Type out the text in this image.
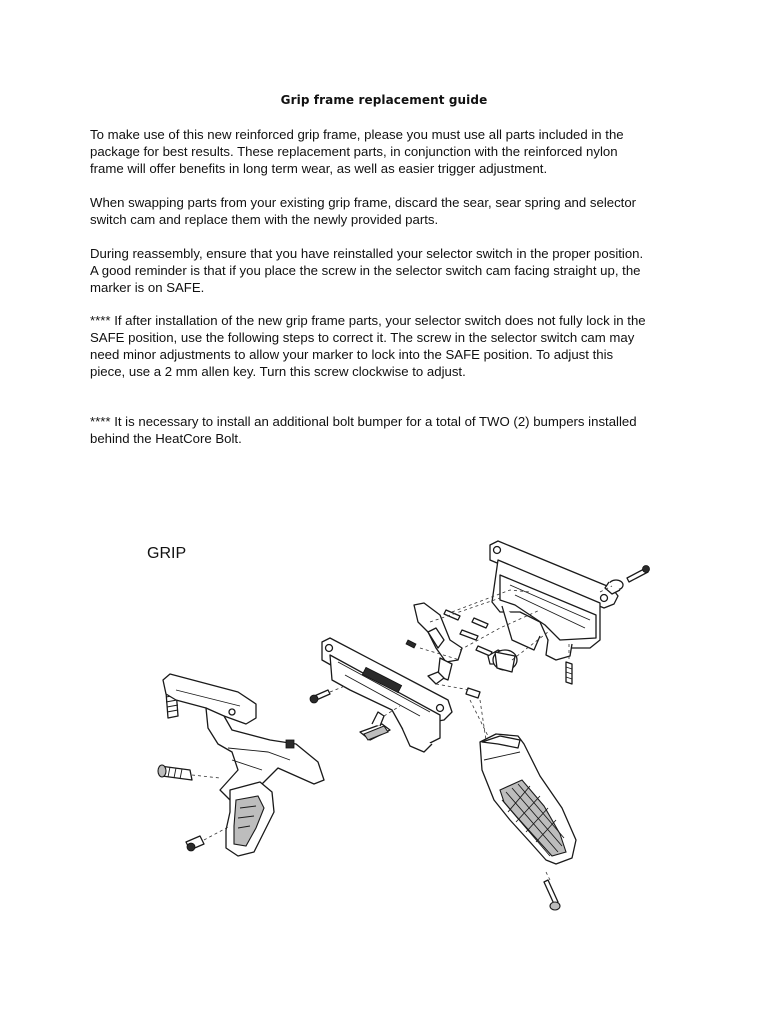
Grip frame replacement guide

To make use of this new reinforced grip frame, please you must use all parts included in the
package for best results. These replacement parts, in conjunction with the reinforced nylon
frame will offer benefits in long term wear, as well as easier trigger adjustment.

When swapping parts from your existing grip frame, discard the sear, sear spring and selector
switch cam and replace them with the newly provided parts.

During reassembly, ensure that you have reinstalled your selector switch in the proper position.
A good reminder is that if you place the screw in the selector switch cam facing straight up, the
marker is on SAFE.

**** If after installation of the new grip frame parts, your selector switch does not fully lock in the
SAFE position, use the following steps to correct it. The screw in the selector switch cam may
need minor adjustments to allow your marker to lock into the SAFE position. To adjust this
piece, use a 2 mm allen key. Turn this screw clockwise to adjust.

**** It is necessary to install an additional bolt bumper for a total of TWO (2) bumpers installed
behind the HeatCore Bolt.

GRIP
